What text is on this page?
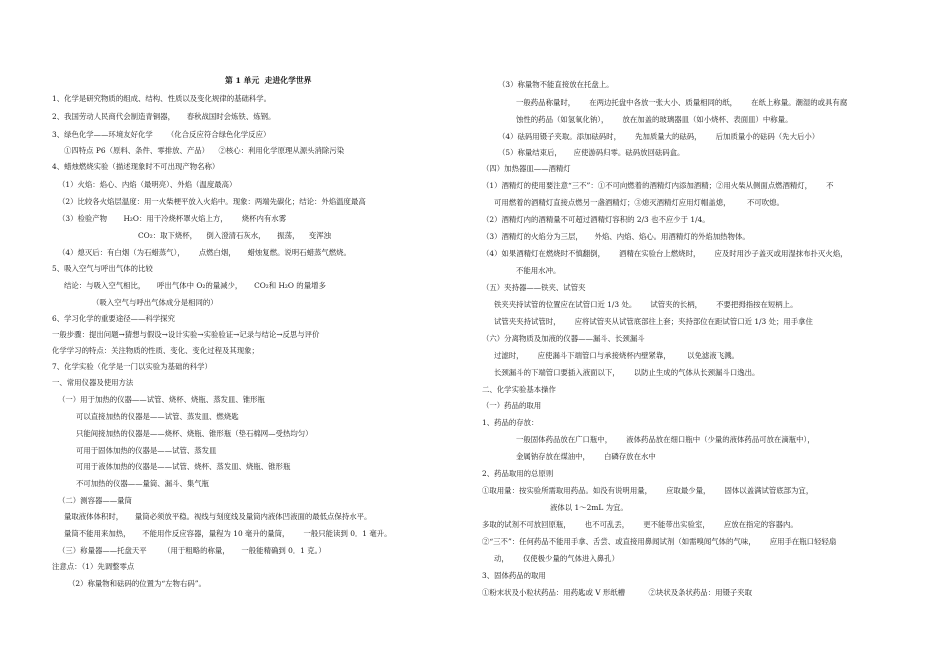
第 1 单元  走进化学世界
1、化学是研究物质的组成、结构、性质以及变化规律的基础科学。
2、我国劳动人民商代会制造青铜器，     春秋战国时会炼铁、炼钢。
3、绿色化学——环境友好化学      （化合反应符合绿色化学反应）
①四特点 P6（原料、条件、零排放、产品）    ②核心：利用化学原理从源头消除污染
4、蜡烛燃烧实验（描述现象时不可出现产物名称）
（1）火焰：焰心、内焰（最明亮）、外焰（温度最高）
（2）比较各火焰层温度：用一火柴梗平放入火焰中。现象：两端先碳化；结论：外焰温度最高
（3）检验产物       H₂O：用干冷烧杯罩火焰上方，      烧杯内有水雾
CO₂：取下烧杯，    倒入澄清石灰水，     振荡，    变浑浊
（4）熄灭后：有白烟（为石蜡蒸气），      点燃白烟，     蜡烛复燃。说明石蜡蒸气燃烧。
5、吸入空气与呼出气体的比较
结论：与吸入空气相比，     呼出气体中 O₂的量减少，     CO₂和 H₂O 的量增多
（吸入空气与呼出气体成分是相同的）
6、学习化学的重要途径——科学探究
一般步骤：提出问题→猜想与假设→设计实验→实验验证→记录与结论→反思与评价
化学学习的特点：关注物质的性质、变化、变化过程及其现象；
7、化学实验（化学是一门以实验为基础的科学）
一、常用仪器及使用方法
（一）用于加热的仪器——试管、烧杯、烧瓶、蒸发皿、锥形瓶
可以直接加热的仪器是——试管、蒸发皿、燃烧匙
只能间接加热的仪器是——烧杯、烧瓶、锥形瓶（垫石棉网—受热均匀）
可用于固体加热的仪器是——试管、蒸发皿
可用于液体加热的仪器是——试管、烧杯、蒸发皿、烧瓶、锥形瓶
不可加热的仪器——量筒、漏斗、集气瓶
（二）测容器——量筒
量取液体体积时，     量筒必须放平稳。视线与刻度线及量筒内液体凹液面的最低点保持水平。
量筒不能用来加热，     不能用作反应容器，量程为 10 毫升的量筒，      一般只能读到 0．1 毫升。
（三）称量器——托盘天平       （用于粗略的称量，     一般能精确到 0．1 克。）
注意点：（1）先调整零点
（2）称量物和砝码的位置为“左物右码”。
（3）称量物不能直接放在托盘上。
一般药品称量时，      在两边托盘中各放一张大小、质量相同的纸，      在纸上称量。潮湿的或具有腐
蚀性的药品（如氢氧化钠），      放在加盖的玻璃器皿（如小烧杯、表面皿）中称量。
（4）砝码用镊子夹取。添加砝码时，      先加质量大的砝码，      后加质量小的砝码（先大后小）
（5）称量结束后，     应使游码归零。砝码放回砝码盒。
（四）加热器皿——酒精灯
（1）酒精灯的使用要注意“三不”：①不可向燃着的酒精灯内添加酒精；②用火柴从侧面点燃酒精灯，      不
可用燃着的酒精灯直接点燃另一盏酒精灯；③熄灭酒精灯应用灯帽盖熄，       不可吹熄。
（2）酒精灯内的酒精量不可超过酒精灯容积的 2/3 也不应少于 1/4。
（3）酒精灯的火焰分为三层，     外焰、内焰、焰心。用酒精灯的外焰加热物体。
（4）如果酒精灯在燃烧时不慎翻倒，      酒精在实验台上燃烧时，      应及时用沙子盖灭或用湿抹布扑灭火焰，
不能用水冲。
（五）夹持器——铁夹、试管夹
铁夹夹持试管的位置应在试管口近 1/3 处。      试管夹的长柄，      不要把拇指按在短柄上。
试管夹夹持试管时，      应将试管夹从试管底部往上套；夹持部位在距试管口近 1/3 处；用手拿住
（六）分离物质及加液的仪器——漏斗、长颈漏斗
过滤时，      应使漏斗下端管口与承接烧杯内壁紧靠，       以免滤液飞溅。
长颈漏斗的下端管口要插入液面以下，      以防止生成的气体从长颈漏斗口逸出。
二、化学实验基本操作
（一）药品的取用
1、药品的存放：
一般固体药品放在广口瓶中，      液体药品放在细口瓶中（少量的液体药品可放在滴瓶中），
金属钠存放在煤油中，      白磷存放在水中
2、药品取用的总原则
①取用量：按实验所需取用药品。如没有说明用量，      应取最少量，      固体以盖满试管底部为宜，
液体以 1～2mL 为宜。
多取的试剂不可放回原瓶，      也不可乱丢，      更不能带出实验室，      应放在指定的容器内。
②“三不”：任何药品不能用手拿、舌尝、或直接用鼻闻试剂（如需嗅闻气体的气味，      应用手在瓶口轻轻扇
动，      仅使极少量的气体进入鼻孔）
3、固体药品的取用
①粉末状及小粒状药品：用药匙或 V 形纸槽          ②块状及条状药品：用镊子夹取
